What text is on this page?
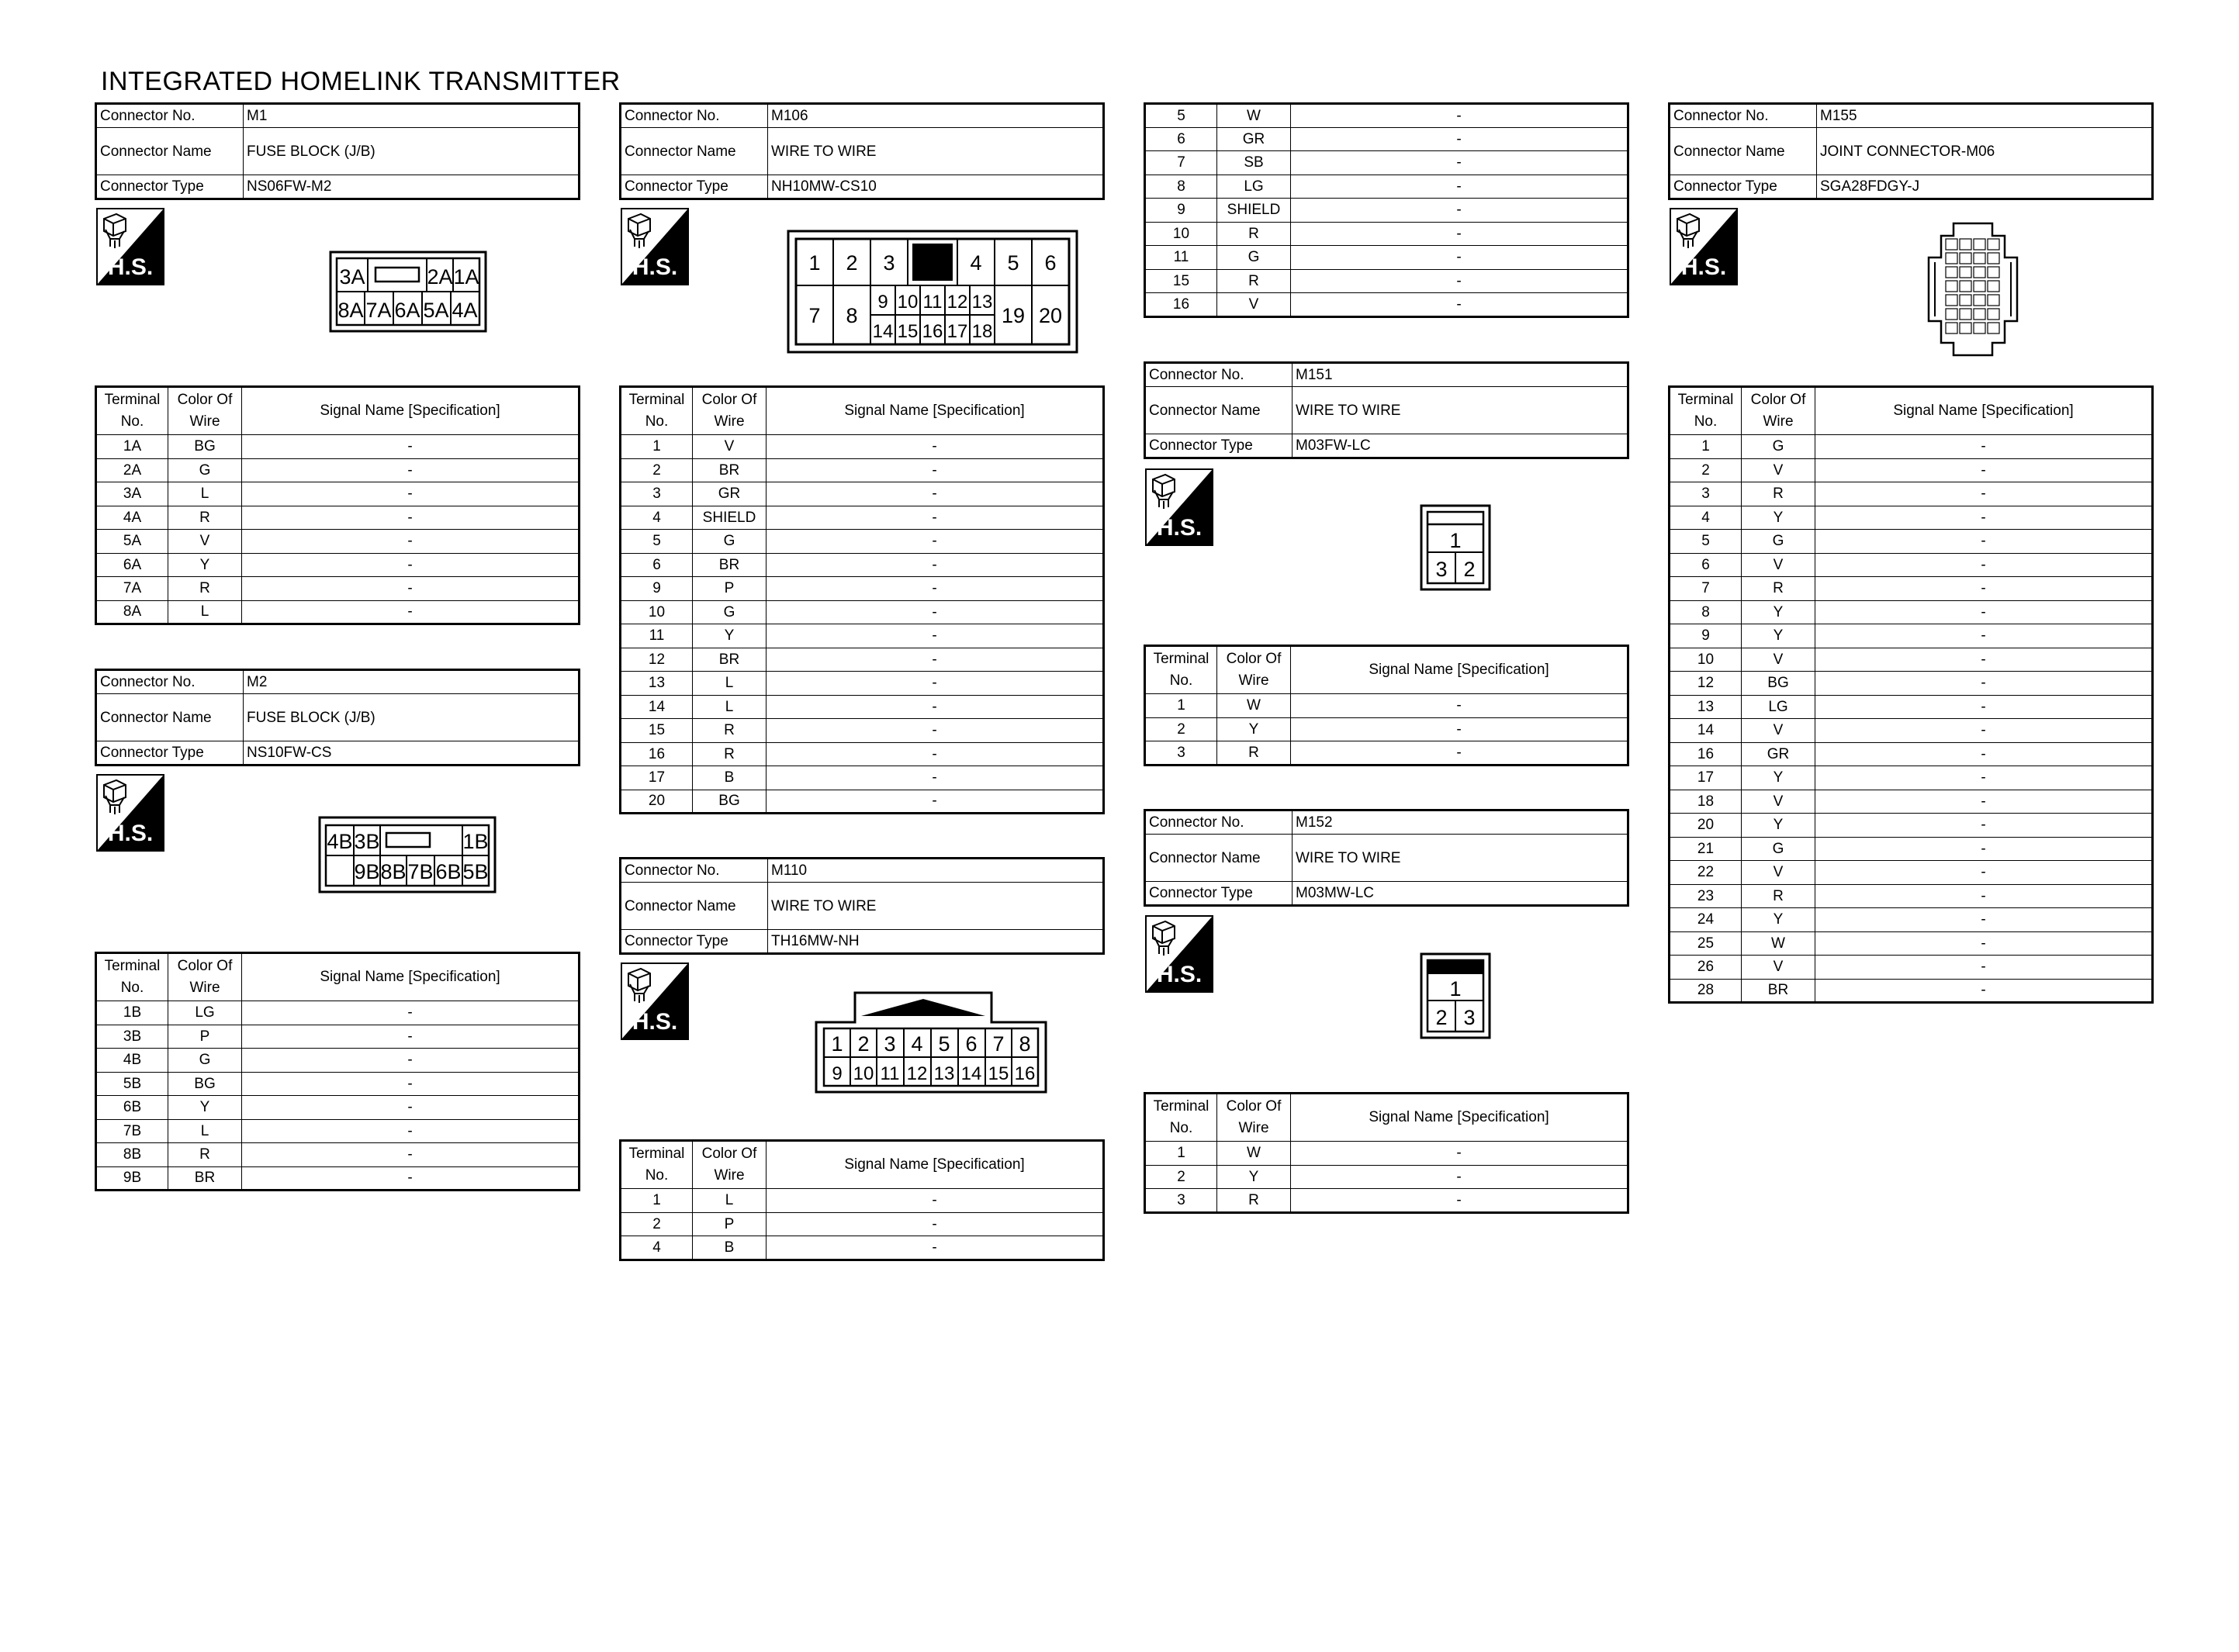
INTEGRATED HOMELINK TRANSMITTER
Connector No.	M1
Connector Name	FUSE BLOCK (J/B)
Connector Type	NS06FW-M2
H.S.	3A	2A 1A
8A 7A 6A 5A 4A
Terminal No.	Color Of Wire	Signal Name [Specification]
1A	BG	-
2A	G	-
3A	L	-
4A	R	-
5A	V	-
6A	Y	-
7A	R	-
8A	L	-
Connector No.	M2
Connector Name	FUSE BLOCK (J/B)
Connector Type	NS10FW-CS
H.S.	4B 3B	1B
9B 8B 7B 6B 5B
Terminal No.	Color Of Wire	Signal Name [Specification]
1B	LG	-
3B	P	-
4B	G	-
5B	BG	-
6B	Y	-
7B	L	-
8B	R	-
9B	BR	-
Connector No.	M106
Connector Name	WIRE TO WIRE
Connector Type	NH10MW-CS10
H.S.	1 2 3	4 5 6
7 8
9 10 11 12 13
14 15 16 17 18
19 20
Terminal No.	Color Of Wire	Signal Name [Specification]
1	V	-
2	BR	-
3	GR	-
4	SHIELD	-
5	G	-
6	BR	-
9	P	-
10	G	-
11	Y	-
12	BR	-
13	L	-
14	L	-
15	R	-
16	R	-
17	B	-
20	BG	-
Connector No.	M110
Connector Name	WIRE TO WIRE
Connector Type	TH16MW-NH
H.S.
1 2 3 4 5 6 7 8
9 10 11 12 13 14 15 16
Terminal No.	Color Of Wire	Signal Name [Specification]
1	L	-
2	P	-
4	B	-
5	W	-
6	GR	-
7	SB	-
8	LG	-
9	SHIELD	-
10	R	-
11	G	-
15	R	-
16	V	-
Connector No.	M151
Connector Name	WIRE TO WIRE
Connector Type	M03FW-LC
H.S.	1
3 2
Terminal No.	Color Of Wire	Signal Name [Specification]
1	W	-
2	Y	-
3	R	-
Connector No.	M152
Connector Name	WIRE TO WIRE
Connector Type	M03MW-LC
H.S.
1
2 3
Terminal No.	Color Of Wire	Signal Name [Specification]
1	W	-
2	Y	-
3	R	-
Connector No.	M155
Connector Name	JOINT CONNECTOR-M06
Connector Type	SGA28FDGY-J
H.S.
Terminal No.	Color Of Wire	Signal Name [Specification]
1	G	-
2	V	-
3	R	-
4	Y	-
5	G	-
6	V	-
7	R	-
8	Y	-
9	Y	-
10	V	-
12	BG	-
13	LG	-
14	V	-
16	GR	-
17	Y	-
18	V	-
20	Y	-
21	G	-
22	V	-
23	R	-
24	Y	-
25	W	-
26	V	-
28	BR	-
